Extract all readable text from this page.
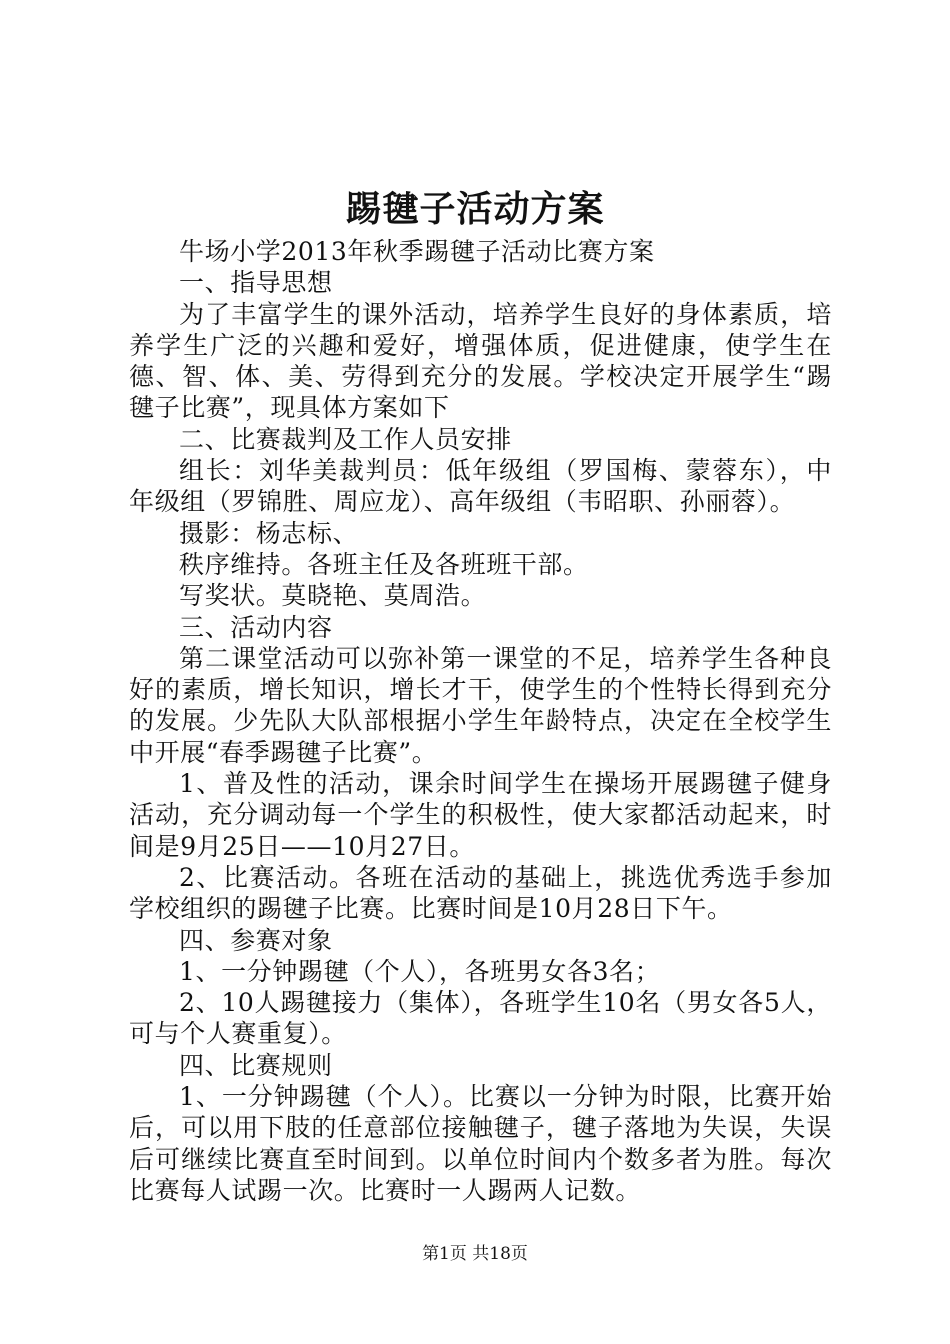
踢毽子活动方案

牛场小学2013年秋季踢毽子活动比赛方案

一、指导思想

为了丰富学生的课外活动，培养学生良好的身体素质，培养学生广泛的兴趣和爱好，增强体质，促进健康，使学生在德、智、体、美、劳得到充分的发展。学校决定开展学生“踢毽子比赛”，现具体方案如下

二、比赛裁判及工作人员安排

组长：刘华美裁判员：低年级组（罗国梅、蒙蓉东），中年级组（罗锦胜、周应龙）、高年级组（韦昭职、孙丽蓉）。

摄影：杨志标、

秩序维持。各班主任及各班班干部。

写奖状。莫晓艳、莫周浩。

三、活动内容

第二课堂活动可以弥补第一课堂的不足，培养学生各种良好的素质，增长知识，增长才干，使学生的个性特长得到充分的发展。少先队大队部根据小学生年龄特点，决定在全校学生中开展“春季踢毽子比赛”。

1、普及性的活动，课余时间学生在操场开展踢毽子健身活动，充分调动每一个学生的积极性，使大家都活动起来，时间是9月25日——10月27日。

2、比赛活动。各班在活动的基础上，挑选优秀选手参加学校组织的踢毽子比赛。比赛时间是10月28日下午。

四、参赛对象

1、一分钟踢毽（个人），各班男女各3名；

2、10人踢毽接力（集体），各班学生10名（男女各5人，可与个人赛重复）。

四、比赛规则

1、一分钟踢毽（个人）。比赛以一分钟为时限，比赛开始后，可以用下肢的任意部位接触毽子，毽子落地为失误，失误后可继续比赛直至时间到。以单位时间内个数多者为胜。每次比赛每人试踢一次。比赛时一人踢两人记数。

第1页 共18页
